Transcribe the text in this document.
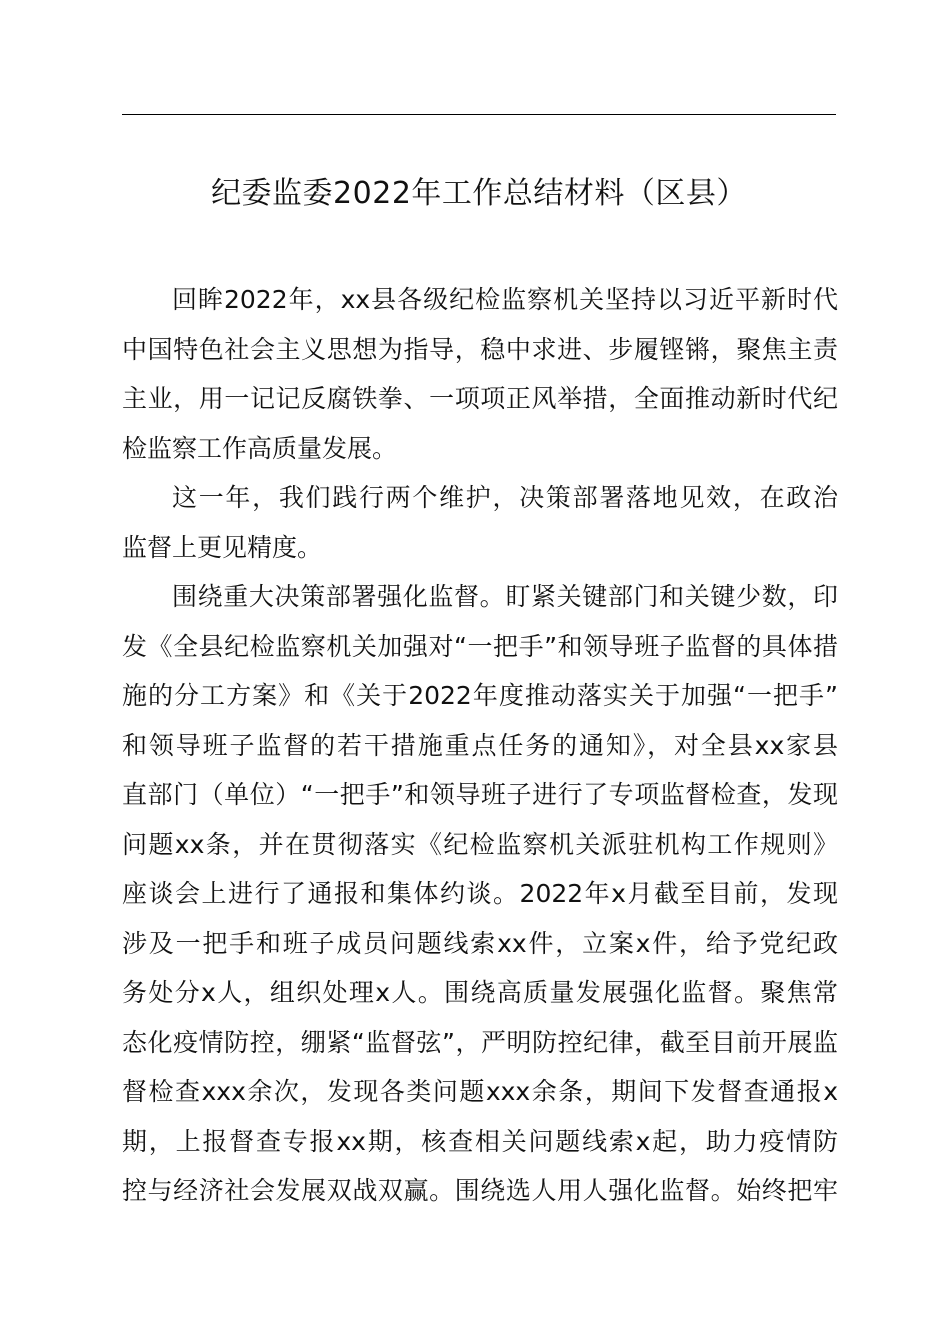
纪委监委2022年工作总结材料（区县）
回眸2022年，xx县各级纪检监察机关坚持以习近平新时代
中国特色社会主义思想为指导，稳中求进、步履铿锵，聚焦主责
主业，用一记记反腐铁拳、一项项正风举措，全面推动新时代纪
检监察工作高质量发展。
这一年，我们践行两个维护，决策部署落地见效，在政治
监督上更见精度。
围绕重大决策部署强化监督。盯紧关键部门和关键少数，印
发《全县纪检监察机关加强对“一把手”和领导班子监督的具体措
施的分工方案》和《关于2022年度推动落实关于加强“一把手”
和领导班子监督的若干措施重点任务的通知》，对全县xx家县
直部门（单位）“一把手”和领导班子进行了专项监督检查，发现
问题xx条，并在贯彻落实《纪检监察机关派驻机构工作规则》
座谈会上进行了通报和集体约谈。2022年x月截至目前，发现
涉及一把手和班子成员问题线索xx件，立案x件，给予党纪政
务处分x人，组织处理x人。围绕高质量发展强化监督。聚焦常
态化疫情防控，绷紧“监督弦”，严明防控纪律，截至目前开展监
督检查xxx余次，发现各类问题xxx余条，期间下发督查通报x
期，上报督查专报xx期，核查相关问题线索x起，助力疫情防
控与经济社会发展双战双赢。围绕选人用人强化监督。始终把牢
